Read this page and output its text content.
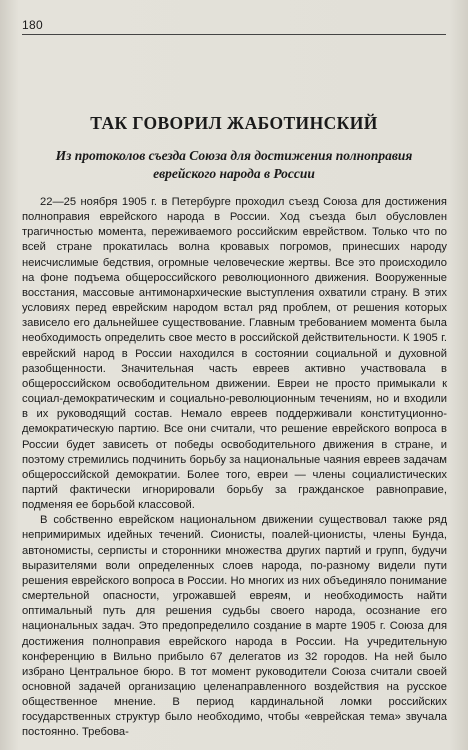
180
ТАК ГОВОРИЛ ЖАБОТИНСКИЙ
Из протоколов съезда Союза для достижения полноправия еврейского народа в России

22—25 ноября 1905 г. в Петербурге проходил съезд Союза для достижения полноправия еврейского народа в России. Ход съезда был обусловлен трагичностью момента, переживаемого российским еврейством. Только что по всей стране прокатилась волна кровавых погромов, принесших народу неисчислимые бедствия, огромные человеческие жертвы. Все это происходило на фоне подъема общероссийского революционного движения. Вооруженные восстания, массовые антимонархические выступления охватили страну. В этих условиях перед еврейским народом встал ряд проблем, от решения которых зависело его дальнейшее существование. Главным требованием момента была необходимость определить свое место в российской действительности. К 1905 г. еврейский народ в России находился в состоянии социальной и духовной разобщенности. Значительная часть евреев активно участвовала в общероссийском освободительном движении. Евреи не просто примыкали к социал-демократическим и социально-революционным течениям, но и входили в их руководящий состав. Немало евреев поддерживали конституционно-демократическую партию. Все они считали, что решение еврейского вопроса в России будет зависеть от победы освободительного движения в стране, и поэтому стремились подчинить борьбу за национальные чаяния евреев задачам общероссийской демократии. Более того, евреи — члены социалистических партий фактически игнорировали борьбу за гражданское равноправие, подменяя ее борьбой классовой.

В собственно еврейском национальном движении существовал также ряд непримиримых идейных течений. Сионисты, поалей-ционисты, члены Бунда, автономисты, серписты и сторонники множества других партий и групп, будучи выразителями воли определенных слоев народа, по-разному видели пути решения еврейского вопроса в России. Но многих из них объединяло понимание смертельной опасности, угрожавшей евреям, и необходимость найти оптимальный путь для решения судьбы своего народа, осознание его национальных задач. Это предопределило создание в марте 1905 г. Союза для достижения полноправия еврейского народа в России. На учредительную конференцию в Вильно прибыло 67 делегатов из 32 городов. На ней было избрано Центральное бюро. В тот момент руководители Союза считали своей основной задачей организацию целенаправленного воздействия на русское общественное мнение. В период кардинальной ломки российских государственных структур было необходимо, чтобы «еврейская тема» звучала постоянно. Требова-
